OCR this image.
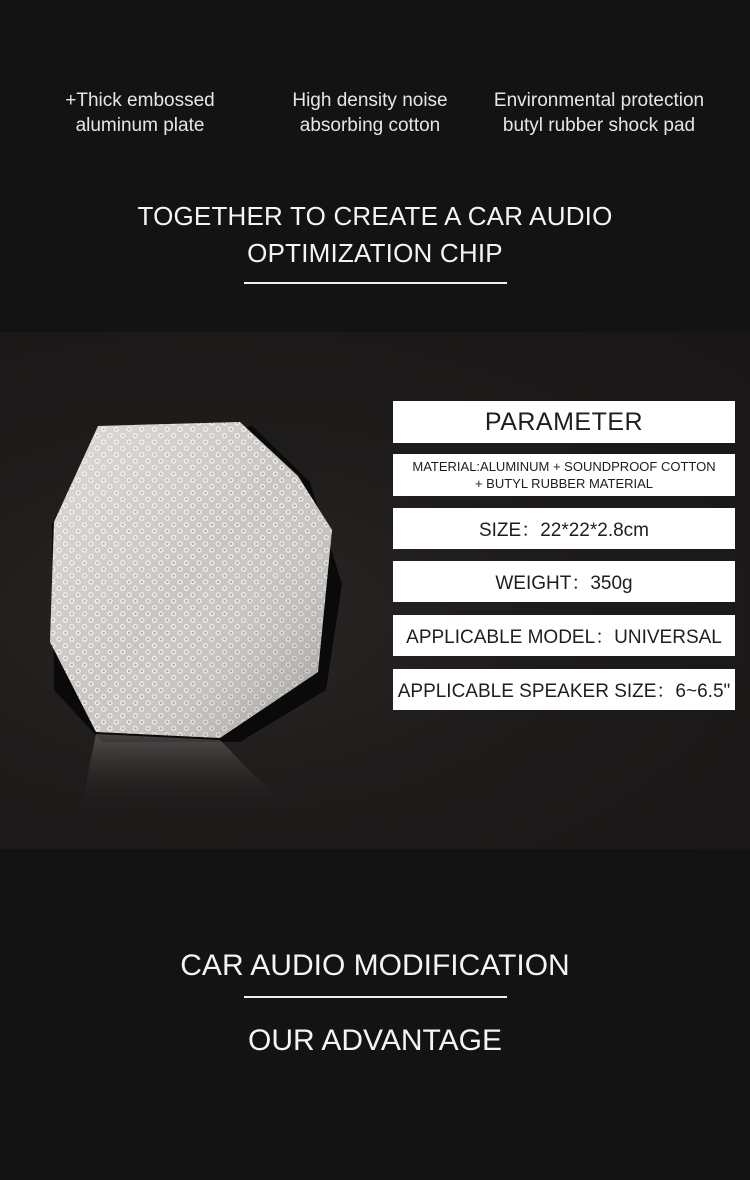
+Thick embossed
aluminum plate
High density noise
absorbing cotton
Environmental protection
butyl rubber shock pad
TOGETHER TO CREATE A CAR AUDIO
OPTIMIZATION CHIP
PARAMETER
MATERIAL:ALUMINUM + SOUNDPROOF COTTON
+ BUTYL RUBBER MATERIAL
SIZE：22*22*2.8cm
WEIGHT：350g
APPLICABLE MODEL：UNIVERSAL
APPLICABLE SPEAKER SIZE：6~6.5"
CAR AUDIO MODIFICATION
OUR ADVANTAGE
